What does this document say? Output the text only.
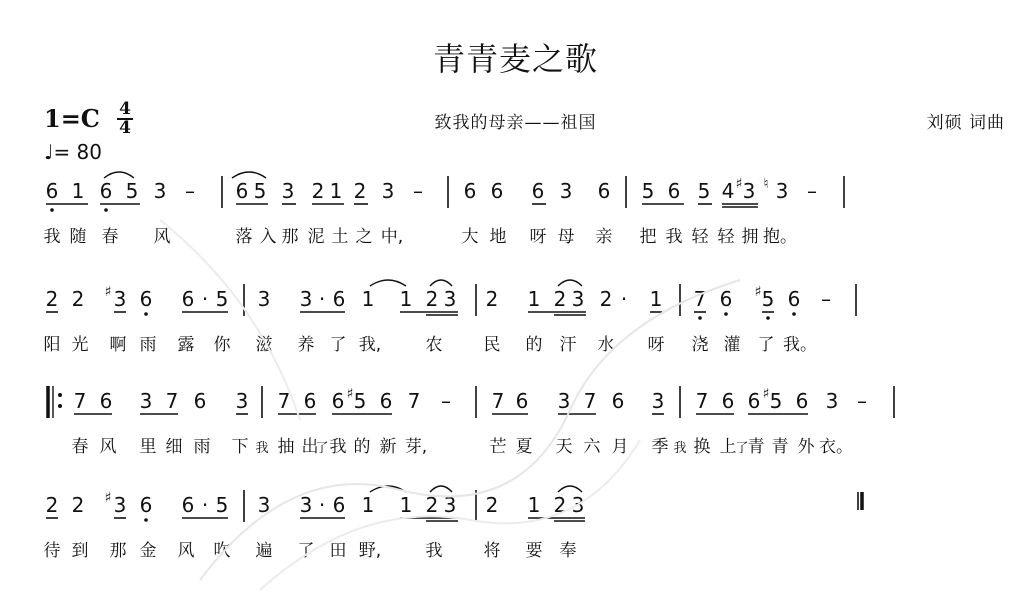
青青麦之歌
1=C 4
4
♩= 80
致我的母亲——祖国	刘硕 词曲
6 1 6 5 3 – 6 5 3 2 1 2 3 – 6 6 6 3 6 5 6 5 4 ♯ 3 ♮ 3 –
我 随 春 风	落 入 那 泥 土 之 中,	大 地 呀 母 亲 把 我 轻 轻 拥 抱。
2 2 ♯ 3 6 6 · 5 3 3 · 6 1 1 2 3 2 1 2 3 2 · 1 7 6 ♯ 5 6 –
阳 光 啊 雨 露 你 滋 养 了 我,	农 民 的 汗 水 呀 浇 灌 了 我。
7 6 3 7 6 3 7 6 6 ♯ 5 6 7 – 7 6 3 7 6 3 7 6 6 ♯ 5 6 3 –
春 风 里 细 雨 下 我 抽 出
了 我 的 新 芽,	芒 夏 天 六 月 季 我 换 上
了
青 青 外 衣。
2 2 ♯ 3 6 6 · 5 3 3 · 6 1 1 2 3 2 1 2 3
待 到 那 金 风 吹 遍 了 田 野,	我 将 要 奉
